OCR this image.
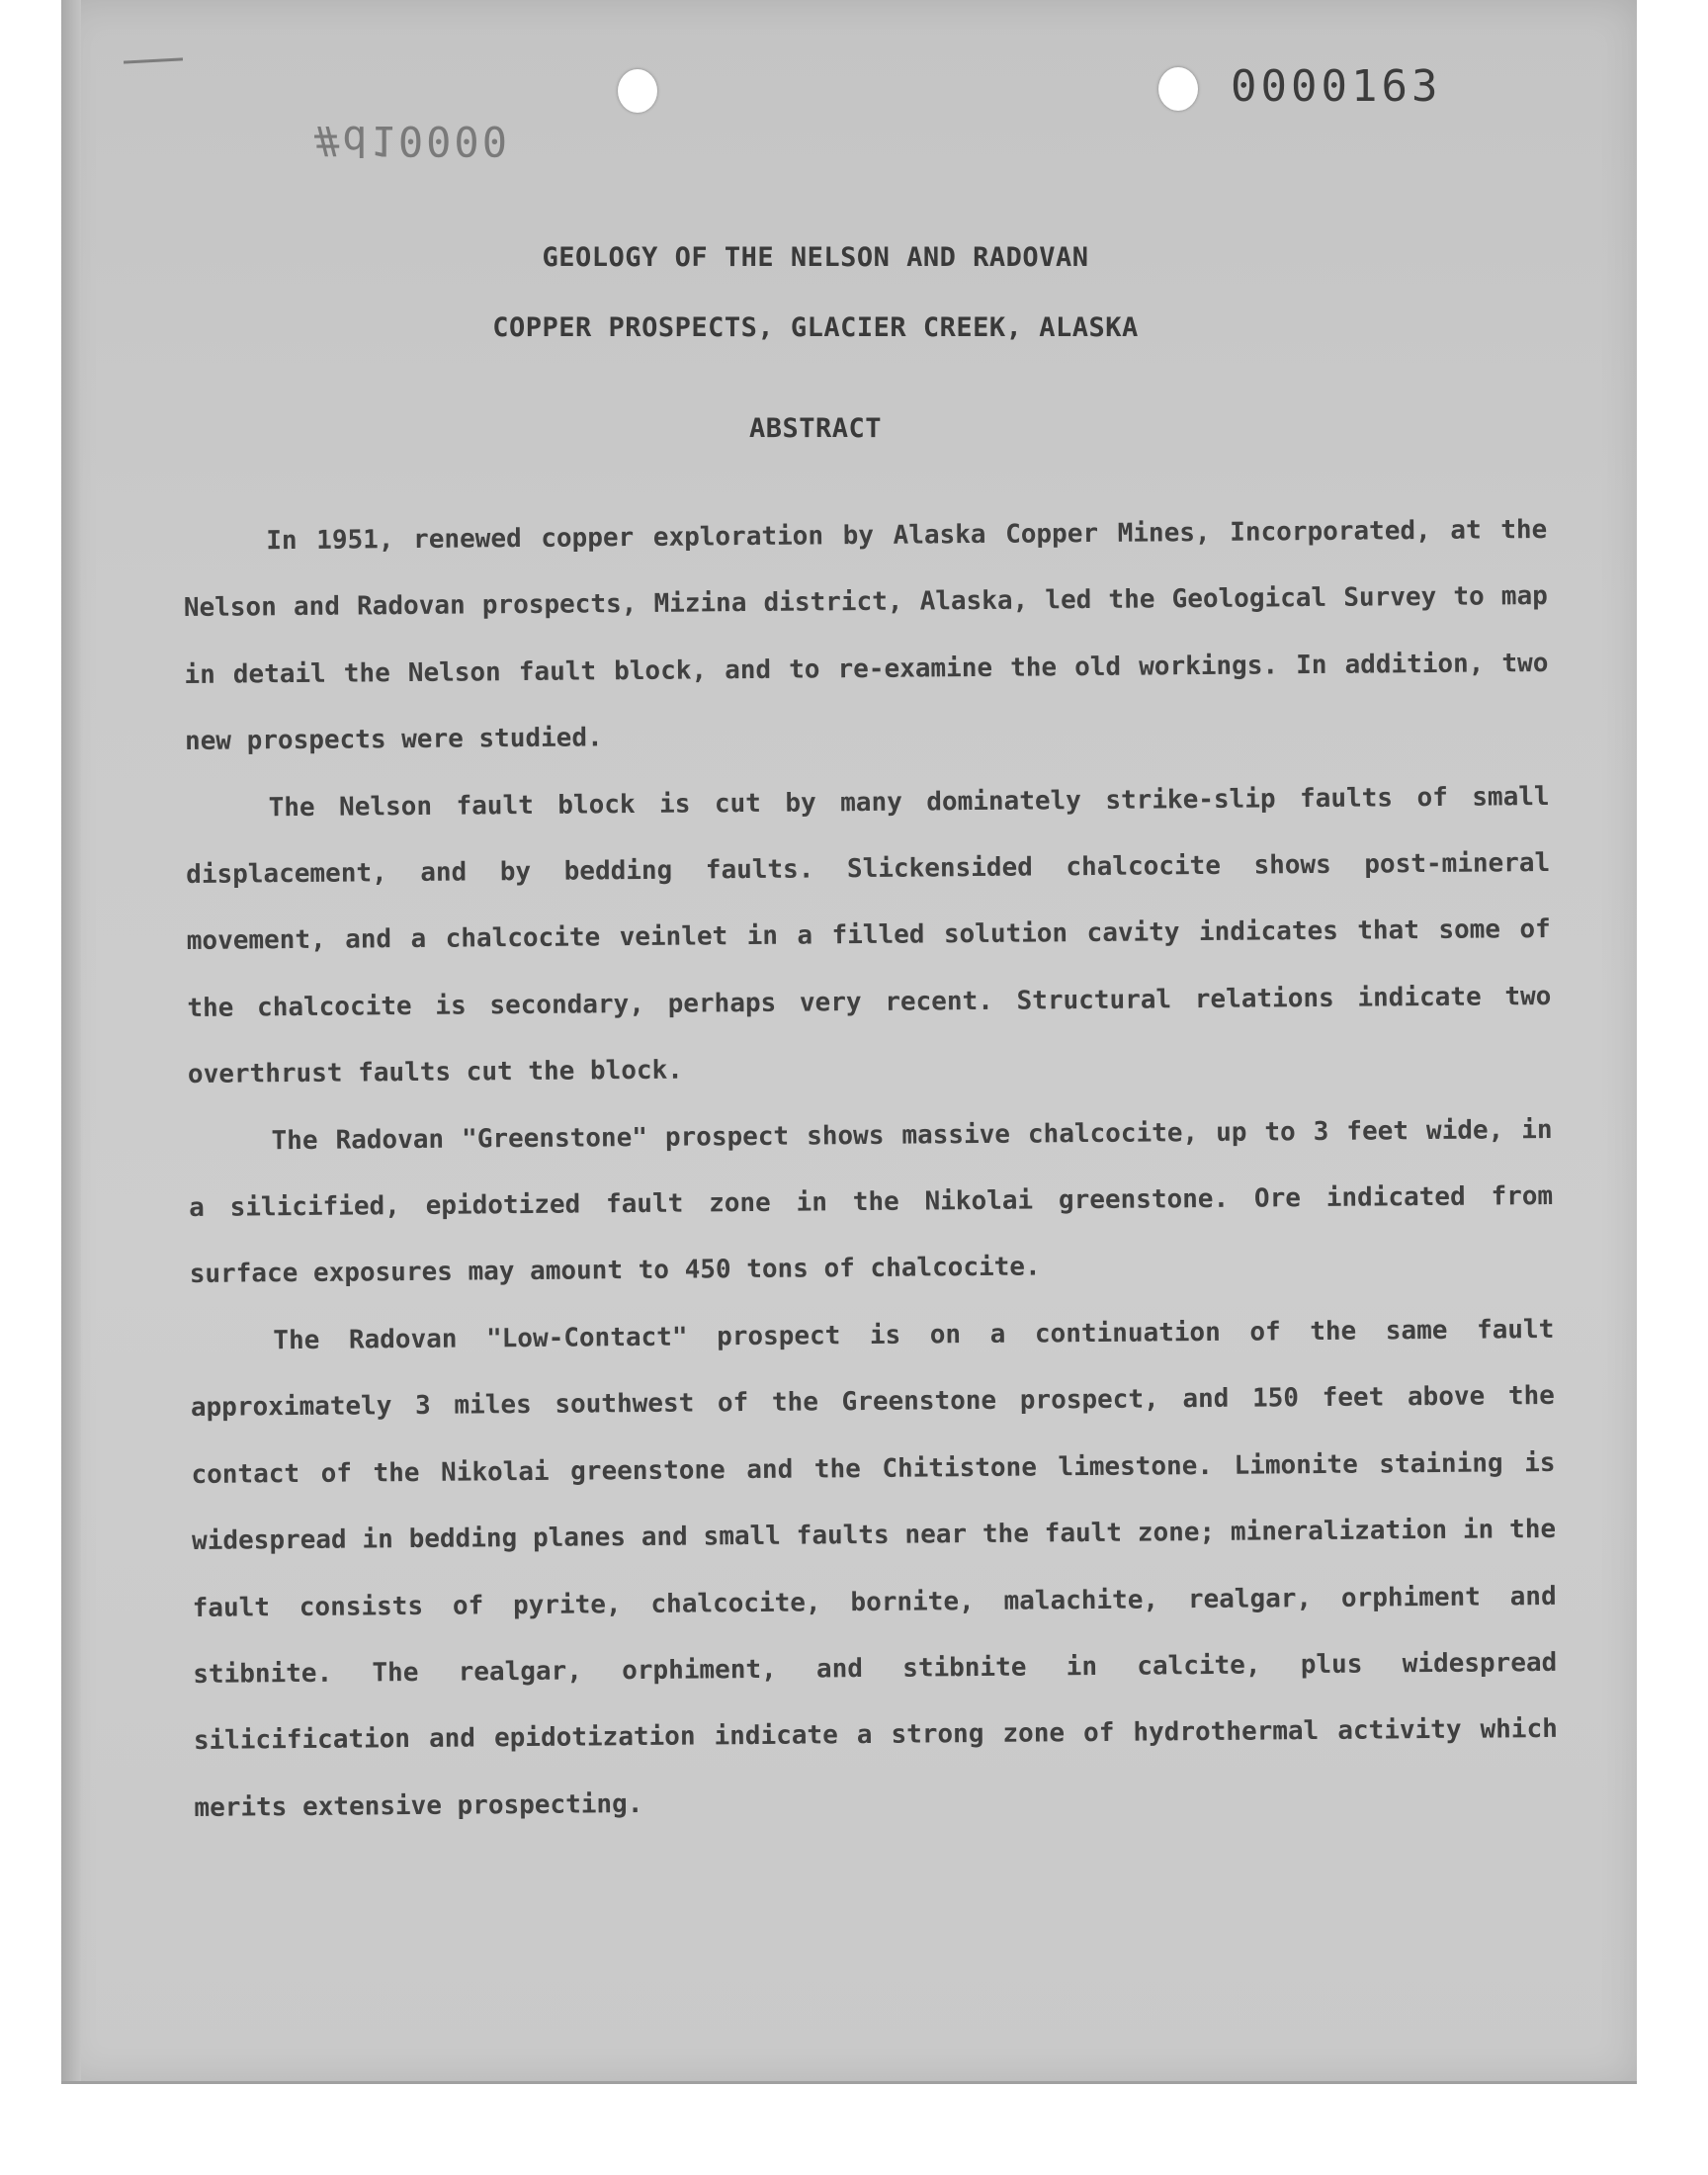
0000163
#d10000
GEOLOGY OF THE NELSON AND RADOVAN
COPPER PROSPECTS, GLACIER CREEK, ALASKA
ABSTRACT

In 1951, renewed copper exploration by Alaska Copper Mines, Incorporated, at the Nelson and Radovan prospects, Mizina district, Alaska, led the Geological Survey to map in detail the Nelson fault block, and to re-examine the old workings. In addition, two new prospects were studied.

The Nelson fault block is cut by many dominately strike-slip faults of small displacement, and by bedding faults. Slickensided chalcocite shows post-mineral movement, and a chalcocite veinlet in a filled solution cavity indicates that some of the chalcocite is secondary, perhaps very recent. Structural relations indicate two overthrust faults cut the block.

The Radovan "Greenstone" prospect shows massive chalcocite, up to 3 feet wide, in a silicified, epidotized fault zone in the Nikolai greenstone. Ore indicated from surface exposures may amount to 450 tons of chalcocite.

The Radovan "Low-Contact" prospect is on a continuation of the same fault approximately 3 miles southwest of the Greenstone prospect, and 150 feet above the contact of the Nikolai greenstone and the Chitistone limestone. Limonite staining is widespread in bedding planes and small faults near the fault zone; mineralization in the fault consists of pyrite, chalcocite, bornite, malachite, realgar, orphiment and stibnite. The realgar, orphiment, and stibnite in calcite, plus widespread silicification and epidotization indicate a strong zone of hydrothermal activity which merits extensive prospecting.
